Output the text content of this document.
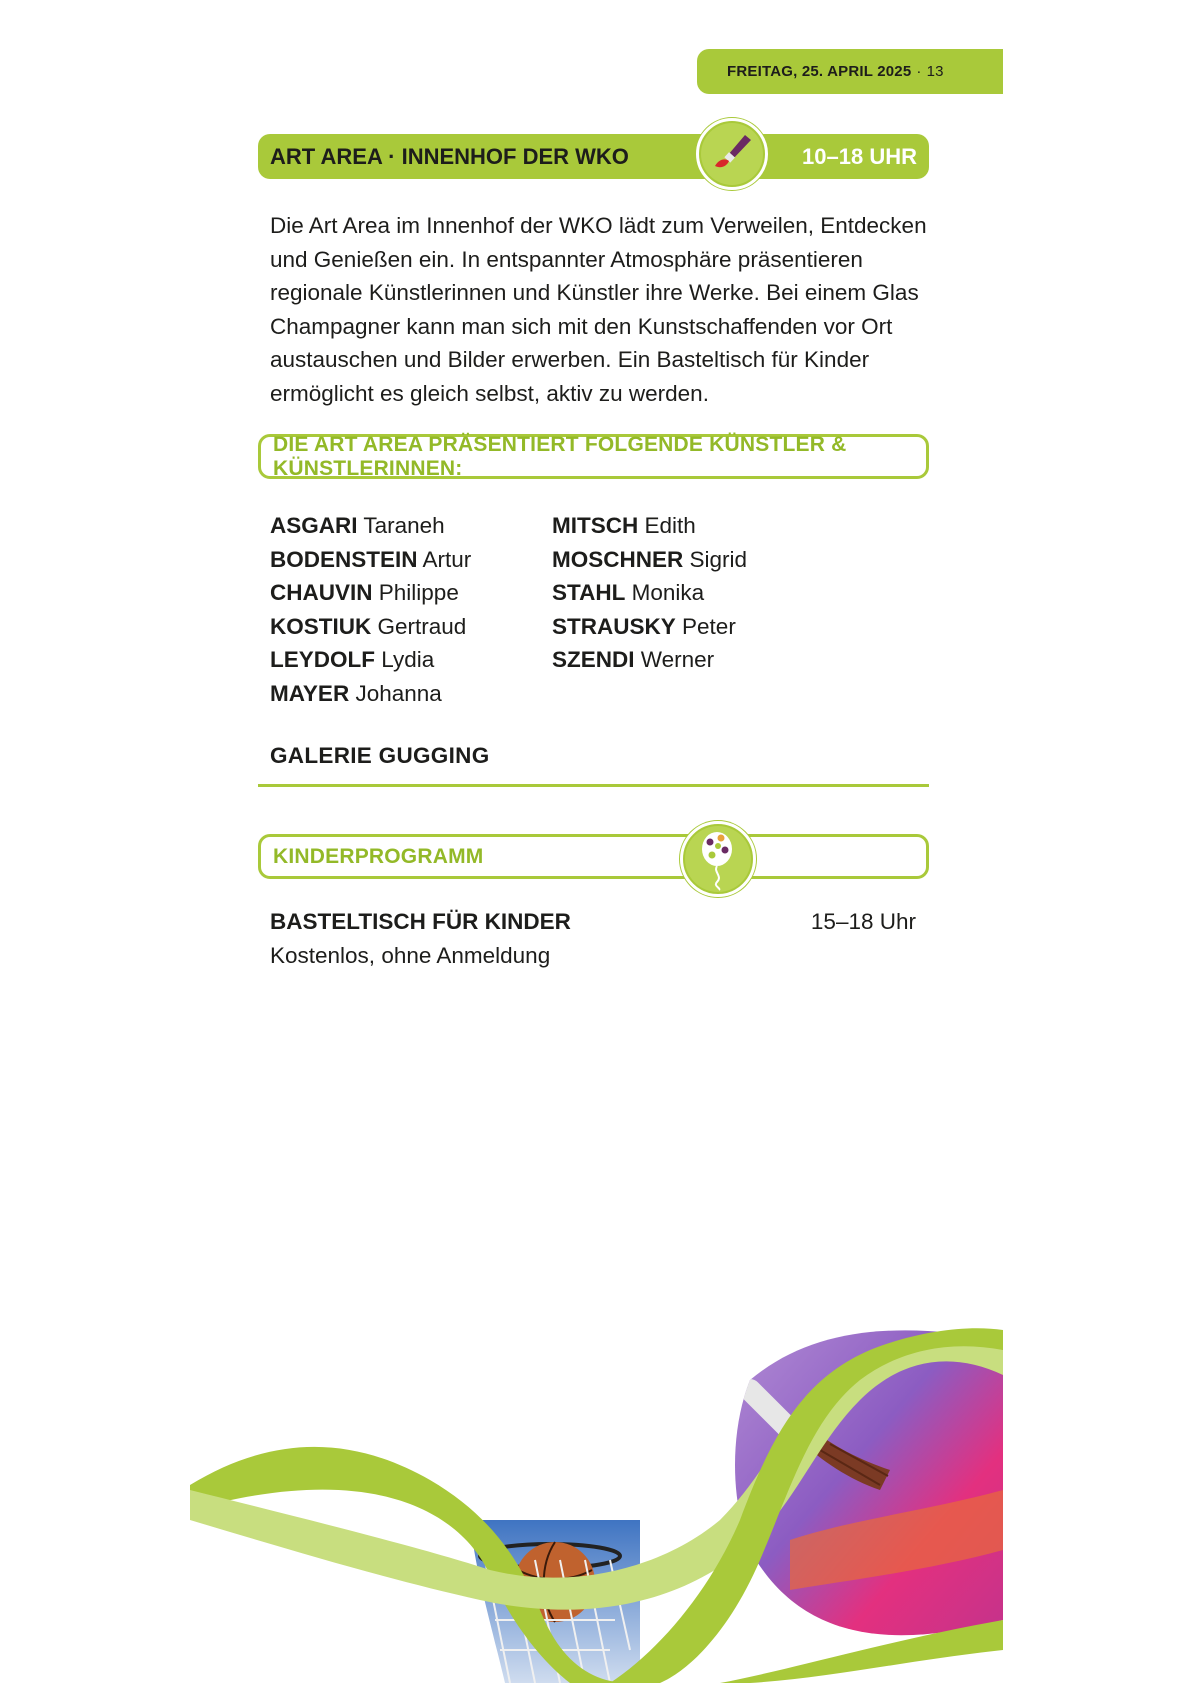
FREITAG, 25. APRIL 2025 · 13
ART AREA · INNENHOF DER WKO	10–18 UHR
Die Art Area im Innenhof der WKO lädt zum Verweilen, Entdecken und Genießen ein. In entspannter Atmosphäre präsentieren regionale Künstlerinnen und Künstler ihre Werke. Bei einem Glas Champagner kann man sich mit den Kunstschaffenden vor Ort austauschen und Bilder erwerben. Ein Basteltisch für Kinder ermöglicht es gleich selbst, aktiv zu werden.
DIE ART AREA PRÄSENTIERT FOLGENDE KÜNSTLER & KÜNSTLERINNEN:
ASGARI Taraneh
BODENSTEIN Artur
CHAUVIN Philippe
KOSTIUK Gertraud
LEYDOLF Lydia
MAYER Johanna
MITSCH Edith
MOSCHNER Sigrid
STAHL Monika
STRAUSKY Peter
SZENDI Werner
GALERIE GUGGING
KINDERPROGRAMM
BASTELTISCH FÜR KINDER
Kostenlos, ohne Anmeldung
15–18 Uhr
